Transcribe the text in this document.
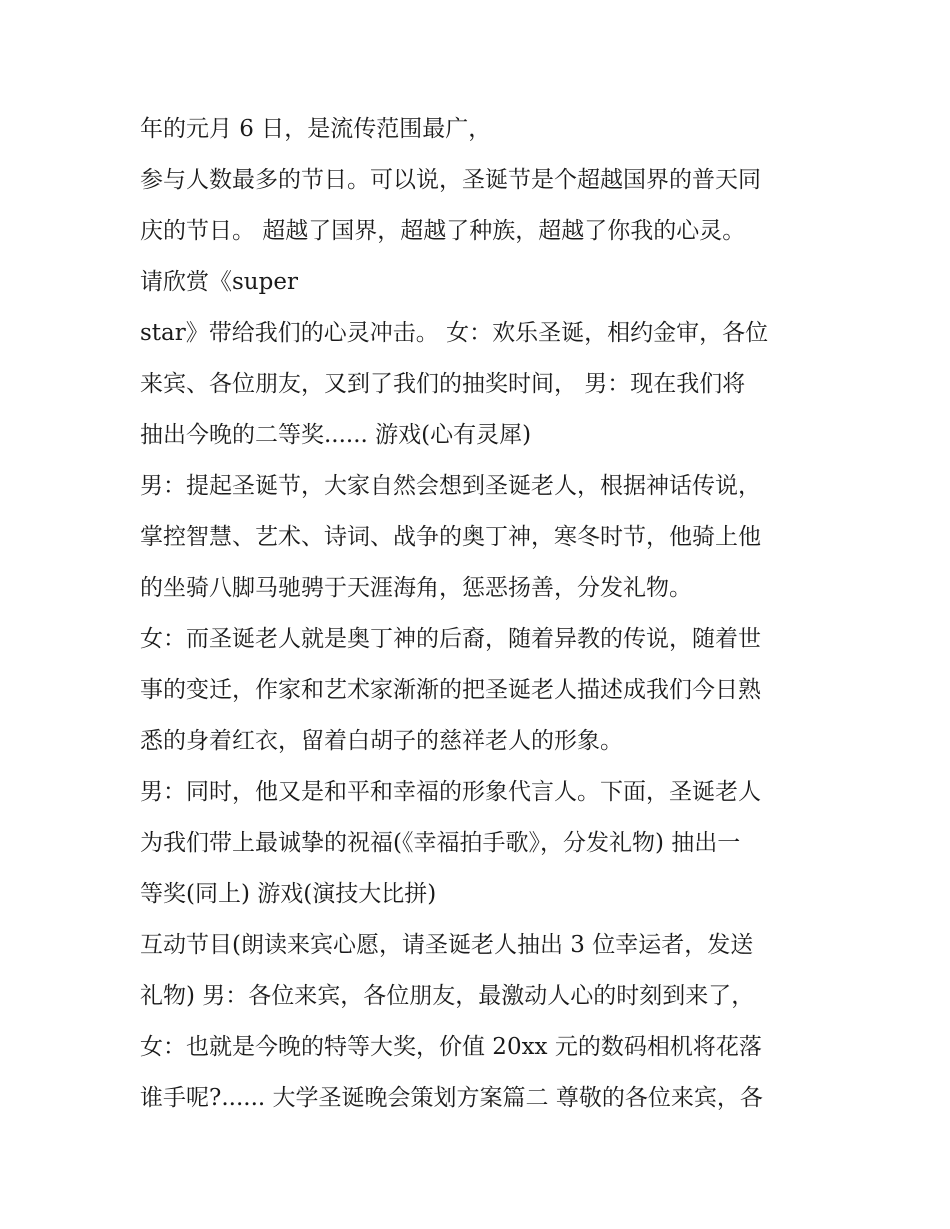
年的元月 6 日，是流传范围最广，
参与人数最多的节日。可以说，圣诞节是个超越国界的普天同
庆的节日。 超越了国界，超越了种族，超越了你我的心灵。
请欣赏《super
star》带给我们的心灵冲击。 女：欢乐圣诞，相约金审，各位
来宾、各位朋友，又到了我们的抽奖时间， 男：现在我们将
抽出今晚的二等奖...... 游戏(心有灵犀)
男：提起圣诞节，大家自然会想到圣诞老人，根据神话传说，
掌控智慧、艺术、诗词、战争的奥丁神，寒冬时节，他骑上他
的坐骑八脚马驰骋于天涯海角，惩恶扬善，分发礼物。
女：而圣诞老人就是奥丁神的后裔，随着异教的传说，随着世
事的变迁，作家和艺术家渐渐的把圣诞老人描述成我们今日熟
悉的身着红衣，留着白胡子的慈祥老人的形象。
男：同时，他又是和平和幸福的形象代言人。下面，圣诞老人
为我们带上最诚挚的祝福(《幸福拍手歌》，分发礼物) 抽出一
等奖(同上) 游戏(演技大比拼)
互动节目(朗读来宾心愿，请圣诞老人抽出 3 位幸运者，发送
礼物) 男：各位来宾，各位朋友，最激动人心的时刻到来了，
女：也就是今晚的特等大奖，价值 20xx 元的数码相机将花落
谁手呢?...... 大学圣诞晚会策划方案篇二 尊敬的各位来宾，各
